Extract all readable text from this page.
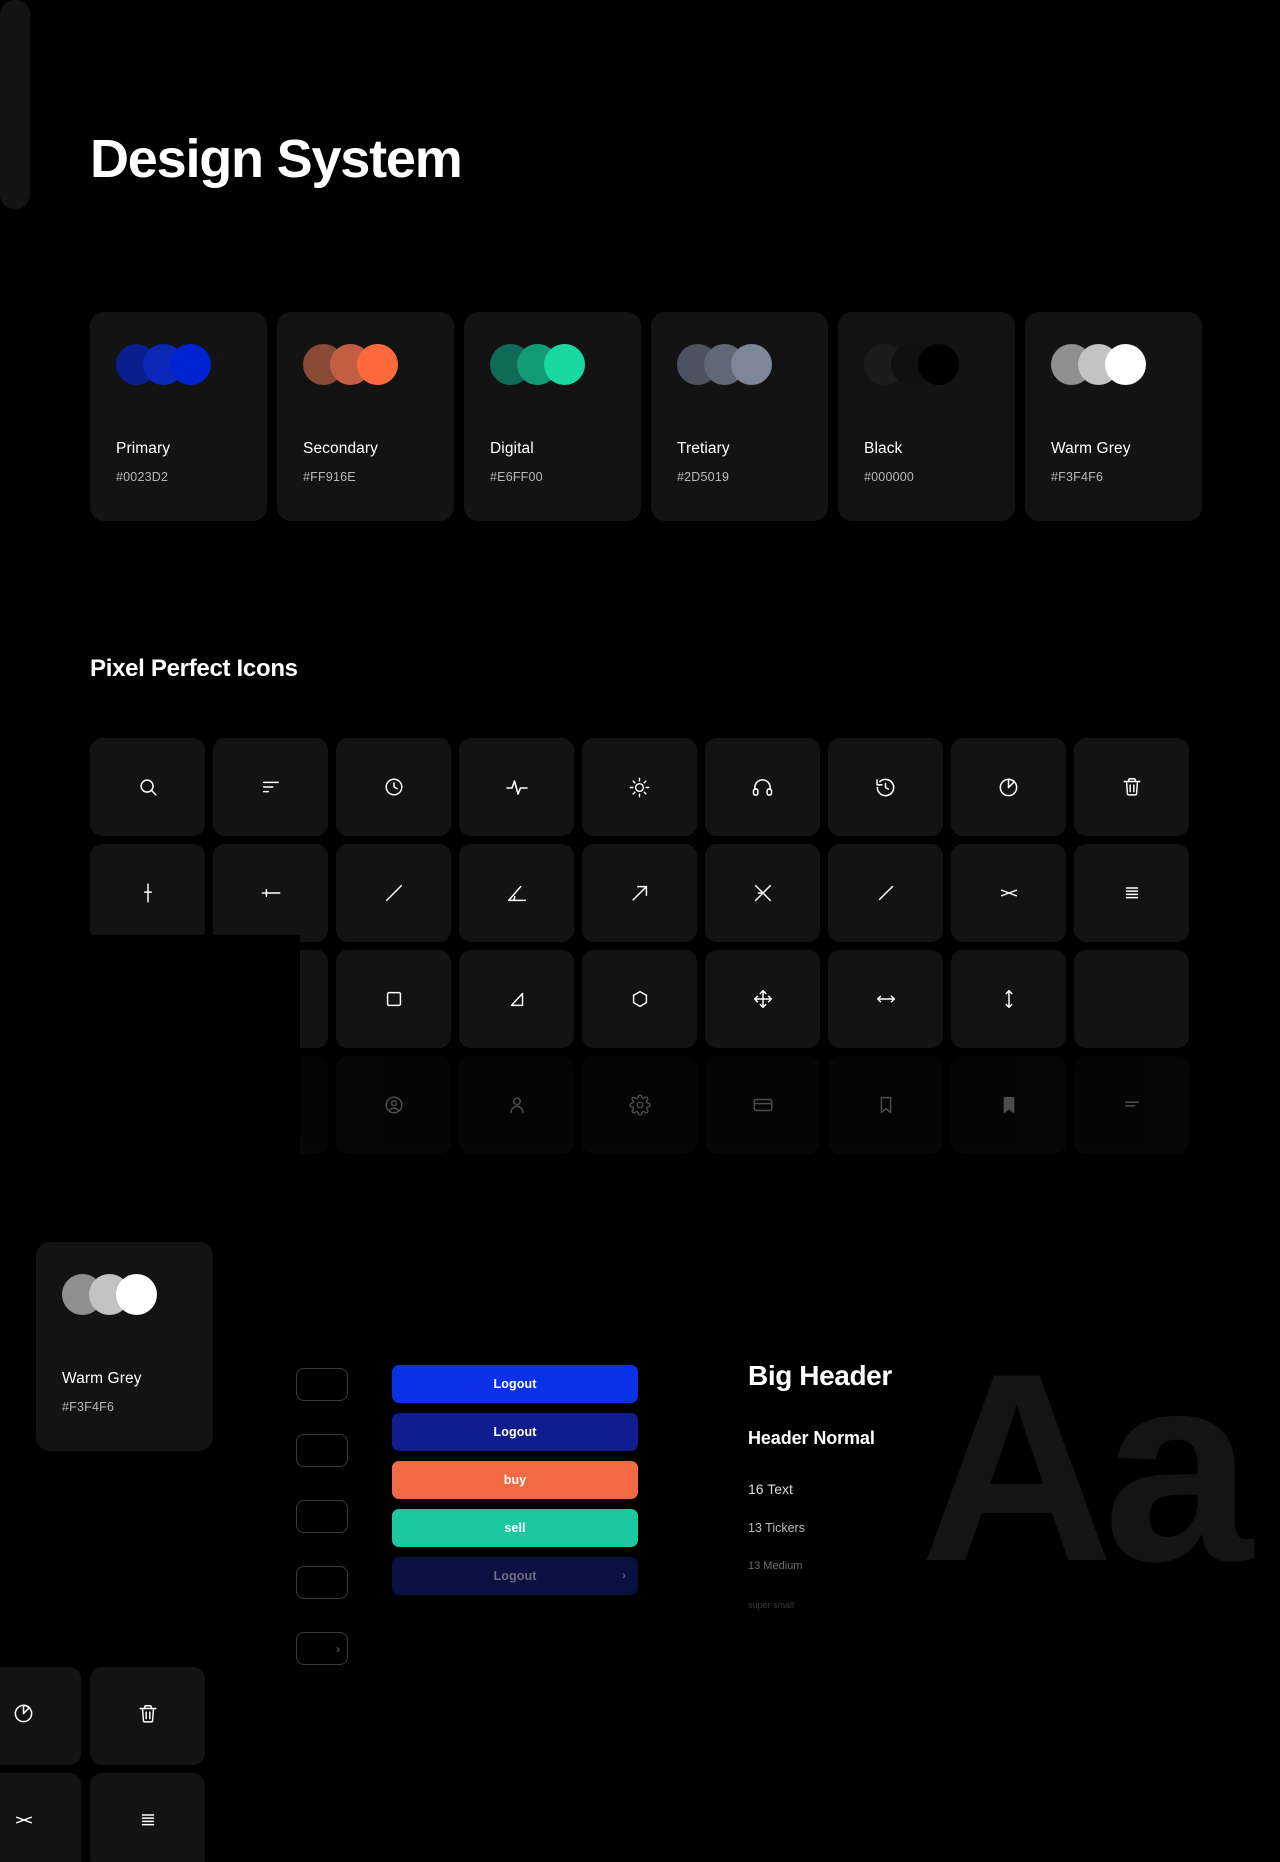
Design System
Primary
#0023D2
Secondary
#FF916E
Digital
#E6FF00
Tretiary
#2D5019
Black
#000000
Warm Grey
#F3F4F6
Pixel Perfect Icons
Warm Grey
#F3F4F6
›
Logout
Logout
buy
sell
Logout	› Aa
Big Header
Header Normal
16 Text
13 Tickers
13 Medium
super small
